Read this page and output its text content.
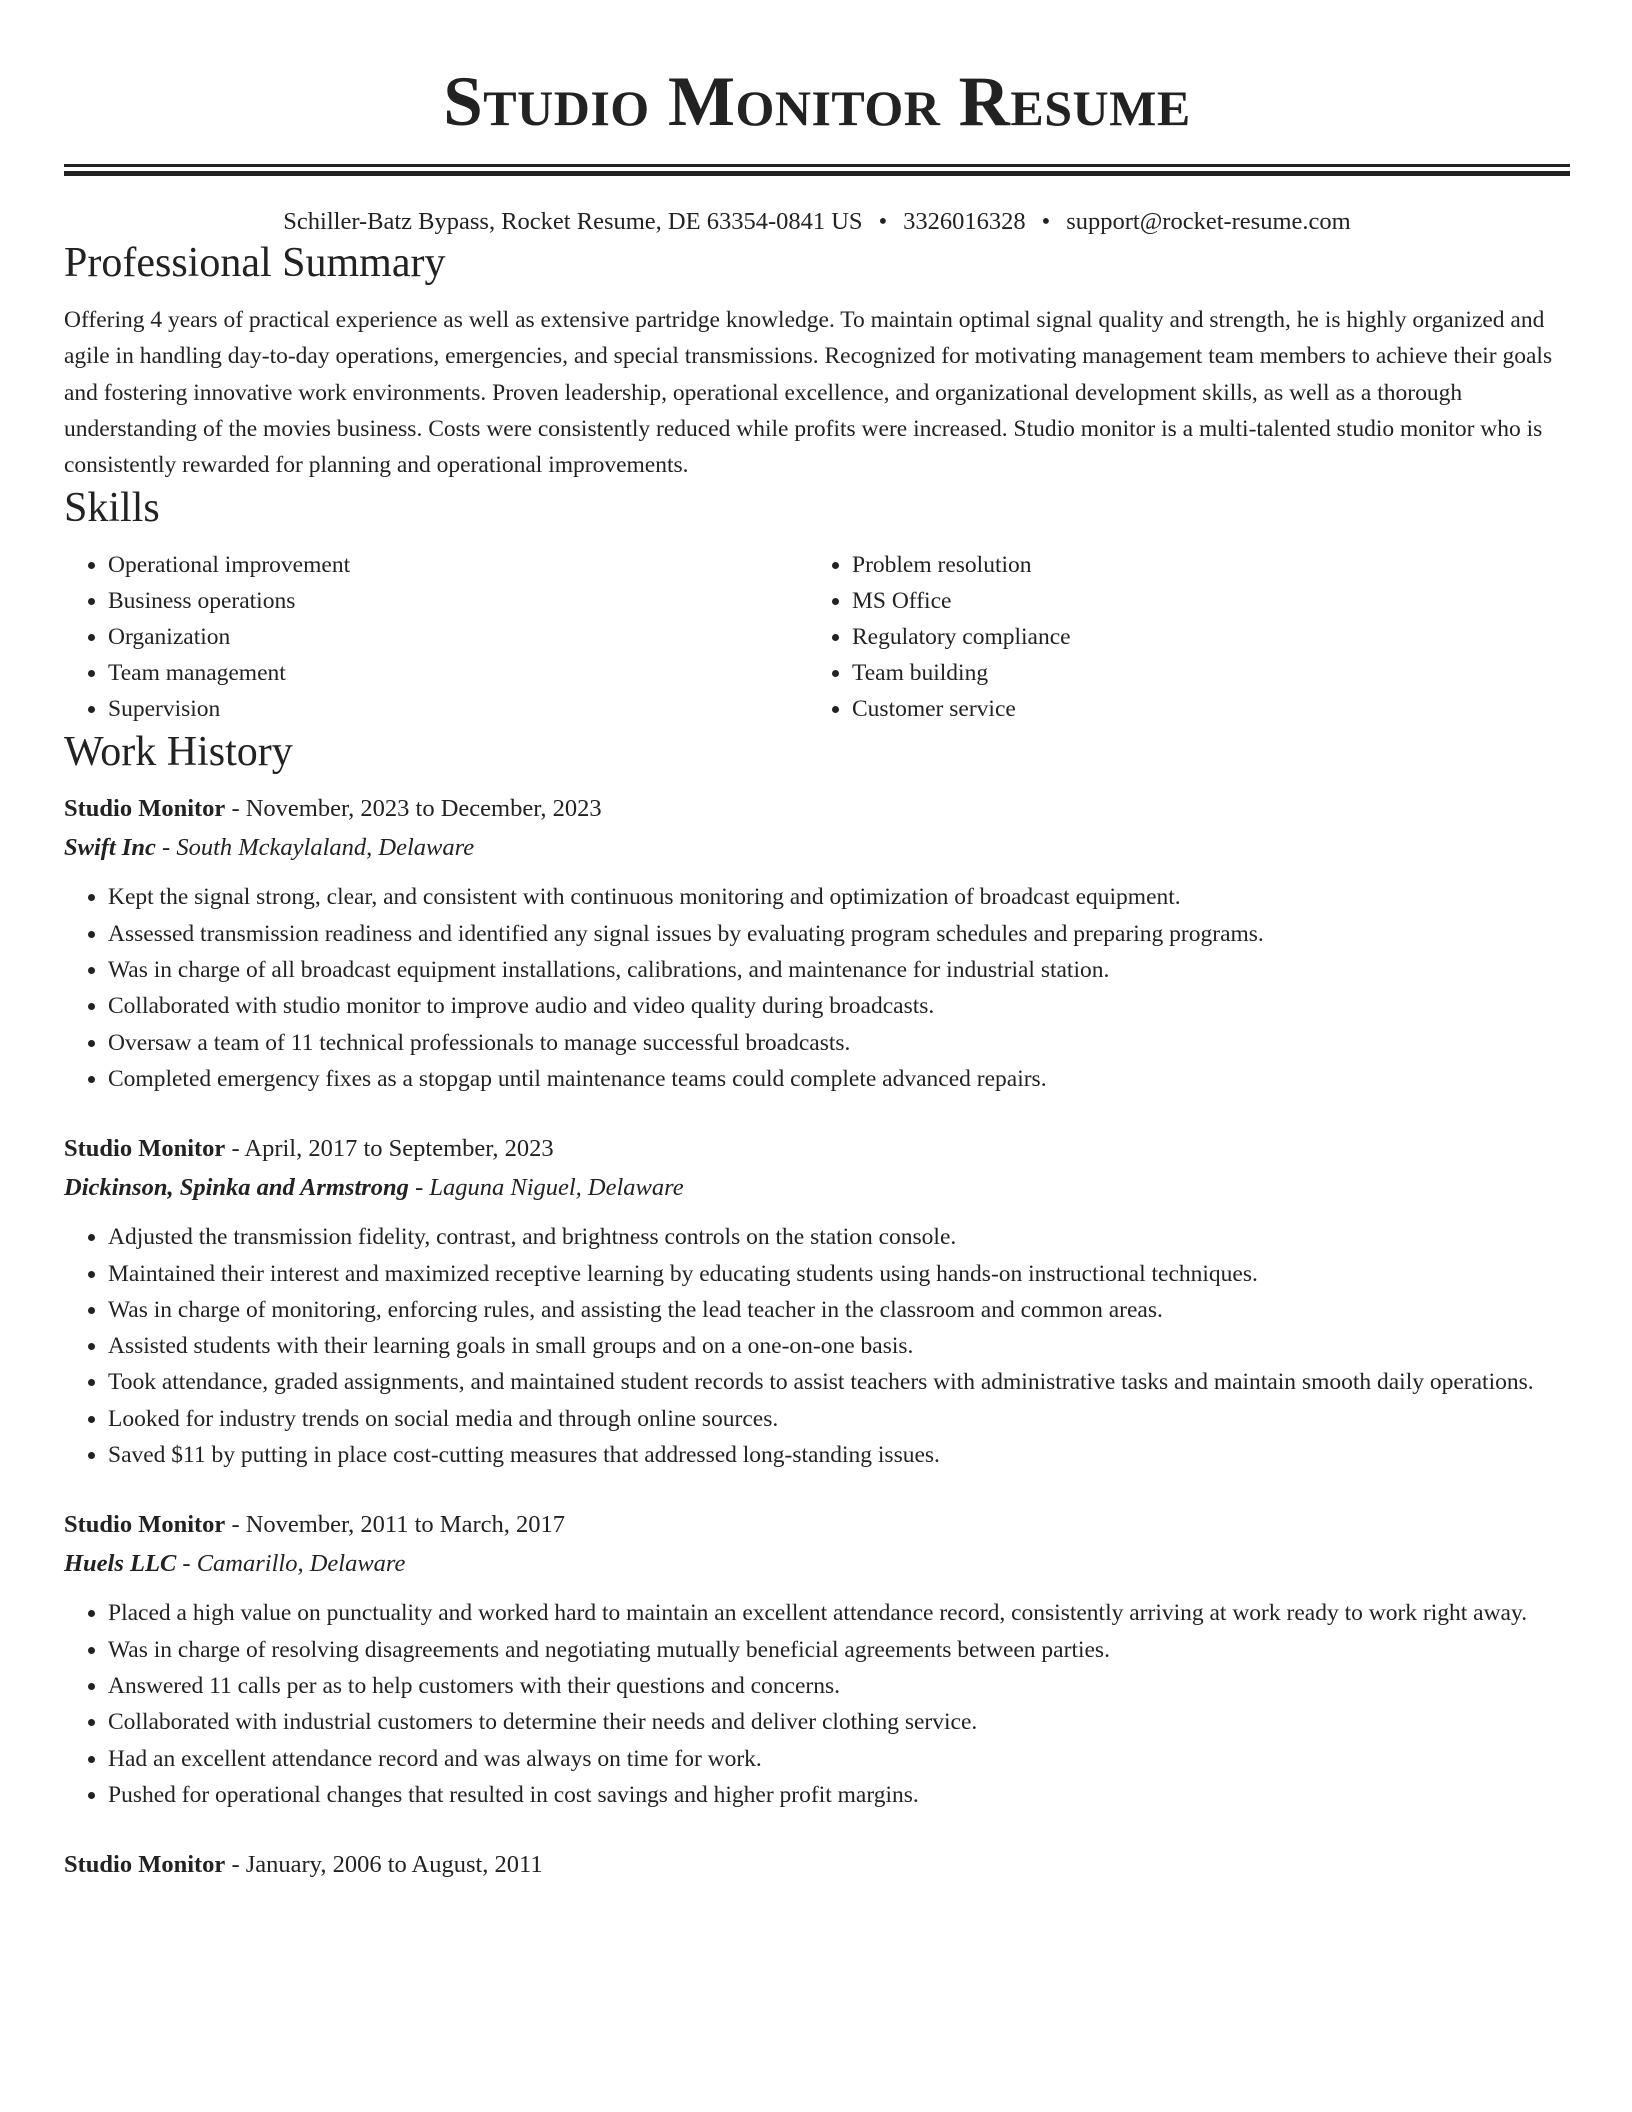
Studio Monitor Resume
Schiller-Batz Bypass, Rocket Resume, DE 63354-0841 US • 3326016328 • support@rocket-resume.com
Professional Summary
Offering 4 years of practical experience as well as extensive partridge knowledge. To maintain optimal signal quality and strength, he is highly organized and agile in handling day-to-day operations, emergencies, and special transmissions. Recognized for motivating management team members to achieve their goals and fostering innovative work environments. Proven leadership, operational excellence, and organizational development skills, as well as a thorough understanding of the movies business. Costs were consistently reduced while profits were increased. Studio monitor is a multi-talented studio monitor who is consistently rewarded for planning and operational improvements.
Skills
• Operational improvement
• Business operations
• Organization
• Team management
• Supervision
• Problem resolution
• MS Office
• Regulatory compliance
• Team building
• Customer service
Work History
Studio Monitor - November, 2023 to December, 2023
Swift Inc - South Mckaylaland, Delaware
• Kept the signal strong, clear, and consistent with continuous monitoring and optimization of broadcast equipment.
• Assessed transmission readiness and identified any signal issues by evaluating program schedules and preparing programs.
• Was in charge of all broadcast equipment installations, calibrations, and maintenance for industrial station.
• Collaborated with studio monitor to improve audio and video quality during broadcasts.
• Oversaw a team of 11 technical professionals to manage successful broadcasts.
• Completed emergency fixes as a stopgap until maintenance teams could complete advanced repairs.
Studio Monitor - April, 2017 to September, 2023
Dickinson, Spinka and Armstrong - Laguna Niguel, Delaware
• Adjusted the transmission fidelity, contrast, and brightness controls on the station console.
• Maintained their interest and maximized receptive learning by educating students using hands-on instructional techniques.
• Was in charge of monitoring, enforcing rules, and assisting the lead teacher in the classroom and common areas.
• Assisted students with their learning goals in small groups and on a one-on-one basis.
• Took attendance, graded assignments, and maintained student records to assist teachers with administrative tasks and maintain smooth daily operations.
• Looked for industry trends on social media and through online sources.
• Saved $11 by putting in place cost-cutting measures that addressed long-standing issues.
Studio Monitor - November, 2011 to March, 2017
Huels LLC - Camarillo, Delaware
• Placed a high value on punctuality and worked hard to maintain an excellent attendance record, consistently arriving at work ready to work right away.
• Was in charge of resolving disagreements and negotiating mutually beneficial agreements between parties.
• Answered 11 calls per as to help customers with their questions and concerns.
• Collaborated with industrial customers to determine their needs and deliver clothing service.
• Had an excellent attendance record and was always on time for work.
• Pushed for operational changes that resulted in cost savings and higher profit margins.
Studio Monitor - January, 2006 to August, 2011
